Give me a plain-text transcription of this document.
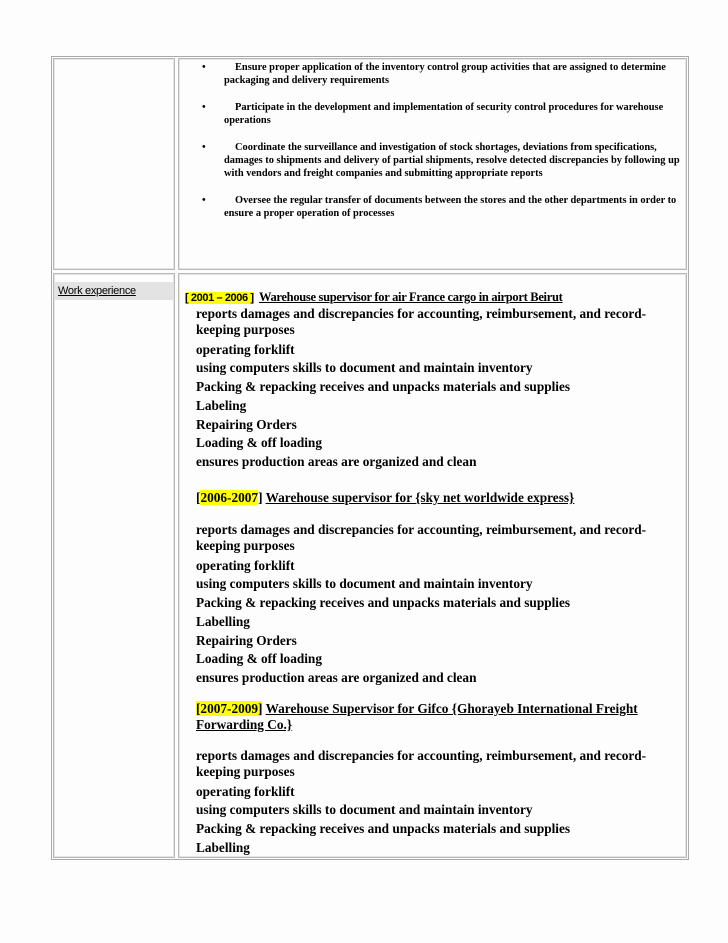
•	Ensure proper application of the inventory control group activities that are assigned to determine packaging and delivery requirements
•	Participate in the development and implementation of security control procedures for warehouse operations
•	Coordinate the surveillance and investigation of stock shortages, deviations from specifications, damages to shipments and delivery of partial shipments, resolve detected discrepancies by following up with vendors and freight companies and submitting appropriate reports
•	Oversee the regular transfer of documents between the stores and the other departments in order to ensure a proper operation of processes
Work experience
[ 2001 – 2006 ] Warehouse supervisor for air France cargo in airport Beirut
reports damages and discrepancies for accounting, reimbursement, and record-keeping purposes
operating forklift
using computers skills to document and maintain inventory
Packing & repacking receives and unpacks materials and supplies
Labeling
Repairing Orders
Loading & off loading
ensures production areas are organized and clean
[2006-2007] Warehouse supervisor for {sky net worldwide express}
reports damages and discrepancies for accounting, reimbursement, and record-keeping purposes
operating forklift
using computers skills to document and maintain inventory
Packing & repacking receives and unpacks materials and supplies
Labelling
Repairing Orders
Loading & off loading
ensures production areas are organized and clean
[2007-2009] Warehouse Supervisor for Gifco {Ghorayeb International Freight Forwarding Co.}
reports damages and discrepancies for accounting, reimbursement, and record-keeping purposes
operating forklift
using computers skills to document and maintain inventory
Packing & repacking receives and unpacks materials and supplies
Labelling
